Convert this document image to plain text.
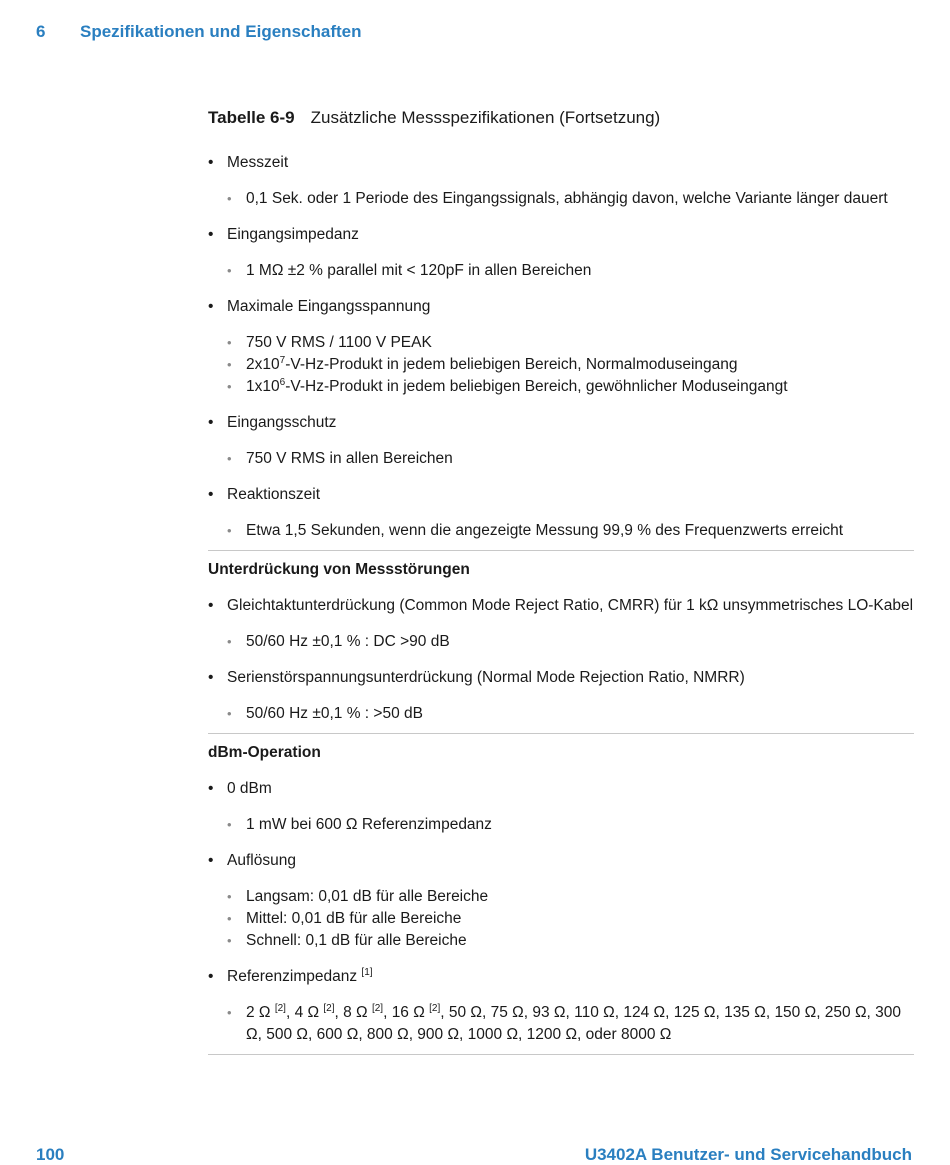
6 Spezifikationen und Eigenschaften
Tabelle 6-9 Zusätzliche Messspezifikationen (Fortsetzung)

• Messzeit

• 0,1 Sek. oder 1 Periode des Eingangssignals, abhängig davon, welche Variante länger dauert

• Eingangsimpedanz

• 1 MΩ ±2 % parallel mit < 120pF in allen Bereichen

• Maximale Eingangsspannung

• 750 V RMS / 1100 V PEAK

• $2x10^7-V-Hz$-Produkt in jedem beliebigen Bereich, Normalmoduseingang

• $1x10^6-V-Hz$-Produkt in jedem beliebigen Bereich, gewöhnlicher Moduseingangt

• Eingangsschutz

• 750 V RMS in allen Bereichen

• Reaktionszeit

• Etwa 1,5 Sekunden, wenn die angezeigte Messung 99,9 % des Frequenzwerts erreicht

Unterdrückung von Messstörungen

• Gleichtaktunterdrückung (Common Mode Reject Ratio, CMRR) für 1 kΩ unsymmetrisches LO-Kabel

• 50/60 Hz ±0,1 % : DC >90 dB

• Serienstörspannungsunterdrückung (Normal Mode Rejection Ratio, NMRR)

• 50/60 Hz ±0,1 % : >50 dB

dBm-Operation

• 0 dBm

• 1 mW bei 600 Ω Referenzimpedanz

• Auflösung

• Langsam: 0,01 dB für alle Bereiche

• Mittel: 0,01 dB für alle Bereiche

• Schnell: 0,1 dB für alle Bereiche

• Referenzimpedanz [1]

• 2 Ω [2], 4 Ω [2], 8 Ω [2], 16 Ω [2], 50 Ω, 75 Ω, 93 Ω, 110 Ω, 124 Ω, 125 Ω, 135 Ω, 150 Ω, 250 Ω, 300 Ω, 500 Ω, 600 Ω, 800 Ω, 900 Ω, 1000 Ω, 1200 Ω, oder 8000 Ω

100	U3402A Benutzer- und Servicehandbuch
